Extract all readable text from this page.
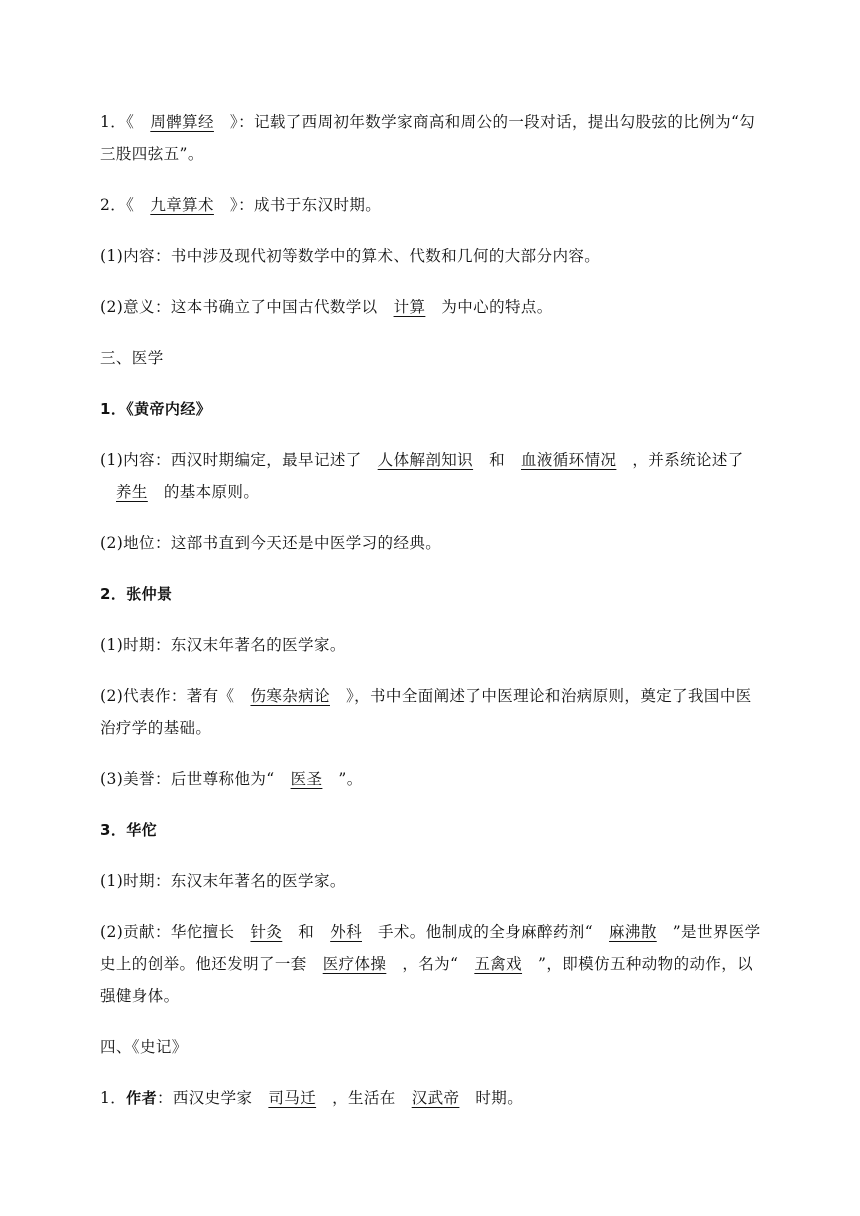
1．《 周髀算经 》：记载了西周初年数学家商高和周公的一段对话，提出勾股弦的比例为“勾三股四弦五”。

2．《 九章算术 》：成书于东汉时期。

(1)内容：书中涉及现代初等数学中的算术、代数和几何的大部分内容。

(2)意义：这本书确立了中国古代数学以 计算 为中心的特点。

三、医学

1．《黄帝内经》

(1)内容：西汉时期编定，最早记述了 人体解剖知识 和 血液循环情况 ，并系统论述了养生 的基本原则。

(2)地位：这部书直到今天还是中医学习的经典。

2．张仲景

(1)时期：东汉末年著名的医学家。

(2)代表作：著有《 伤寒杂病论 》，书中全面阐述了中医理论和治病原则，奠定了我国中医治疗学的基础。

(3)美誉：后世尊称他为“ 医圣 ”。

3．华佗

(1)时期：东汉末年著名的医学家。

(2)贡献：华佗擅长 针灸 和 外科 手术。他制成的全身麻醉药剂“ 麻沸散 ”是世界医学史上的创举。他还发明了一套 医疗体操 ，名为“ 五禽戏 ”，即模仿五种动物的动作，以强健身体。

四、《史记》

1．作者：西汉史学家 司马迁 ，生活在 汉武帝 时期。
